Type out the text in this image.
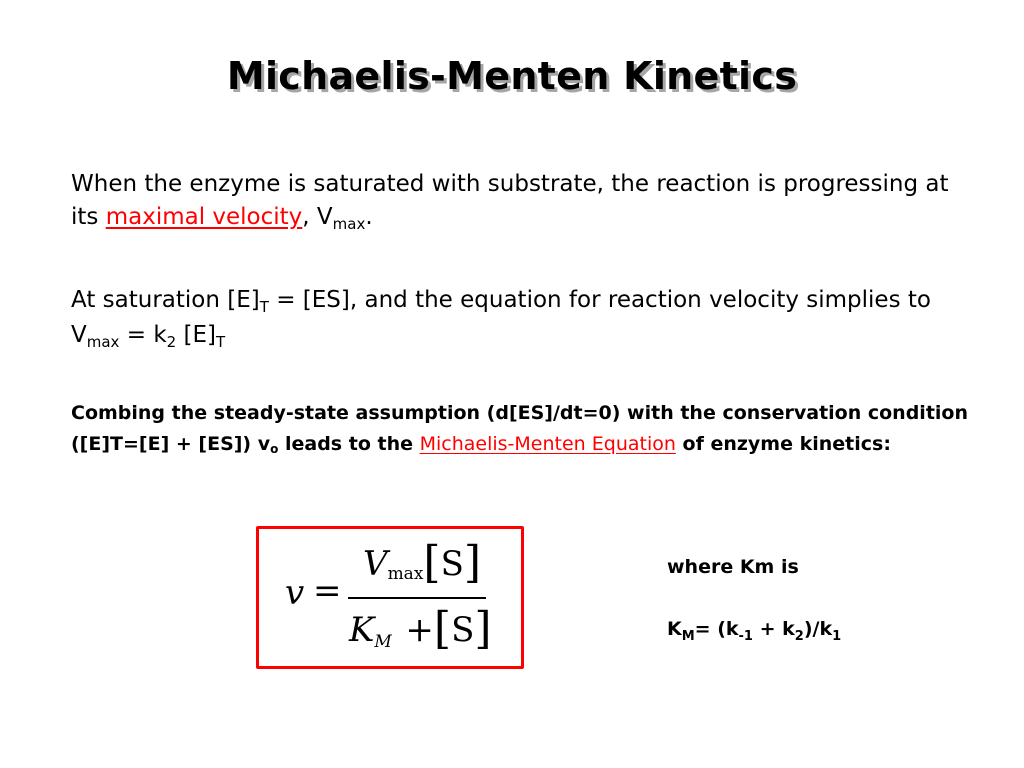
Michaelis-Menten Kinetics
When the enzyme is saturated with substrate, the reaction is progressing at its maximal velocity, $V_{max}$.
At saturation $[E]_T = [ES]$, and the equation for reaction velocity simplies to $V_{max} = k_2$ $[E]_T$
Combing the steady-state assumption (d[ES]/dt=0) with the conservation condition ([E]T=[E] + [ES]) vo leads to the Michaelis-Menten Equation of enzyme kinetics:
v =
Vmax[S]
KM   +[S]
where Km is
$K_M= (k_{-1} + k_2)/k_1$
